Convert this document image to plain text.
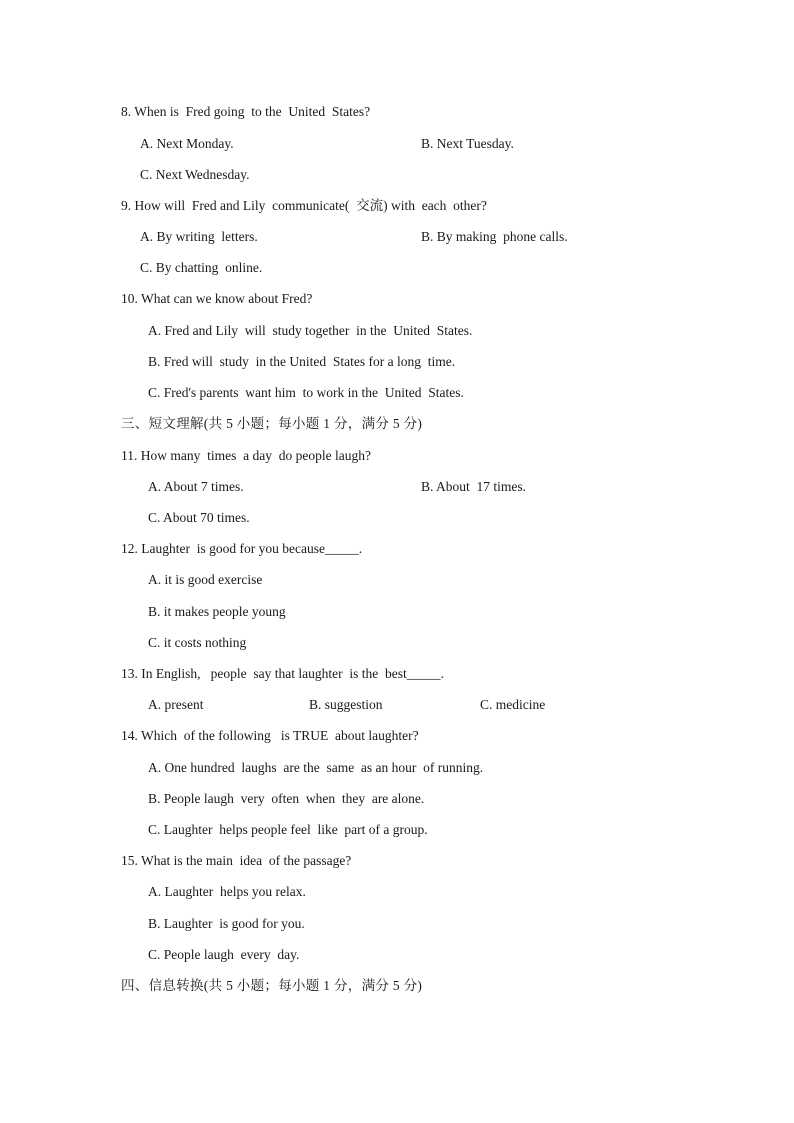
8. When is  Fred going  to the  United  States?
A. Next Monday.	B. Next Tuesday.
C. Next Wednesday.
9. How will  Fred and Lily  communicate(  交流) with  each  other?
A. By writing  letters.	B. By making  phone calls.
C. By chatting  online.
10. What can we know about Fred?
A. Fred and Lily  will  study together  in the  United  States.
B. Fred will  study  in the United  States for a long  time.
C. Fred's parents  want him  to work in the  United  States.
三、短文理解(共 5 小题；每小题 1 分，满分 5 分)
11. How many  times  a day  do people laugh?
A. About 7 times.	B. About  17 times.
C. About 70 times.
12. Laughter  is good for you because_____.
A. it is good exercise
B. it makes people young
C. it costs nothing
13. In English,   people  say that laughter  is the  best_____.
A. present	B. suggestion	C. medicine
14. Which  of the following   is TRUE  about laughter?
A. One hundred  laughs  are the  same  as an hour  of running.
B. People laugh  very  often  when  they  are alone.
C. Laughter  helps people feel  like  part of a group.
15. What is the main  idea  of the passage?
A. Laughter  helps you relax.
B. Laughter  is good for you.
C. People laugh  every  day.
四、信息转换(共 5 小题；每小题 1 分，满分 5 分)
